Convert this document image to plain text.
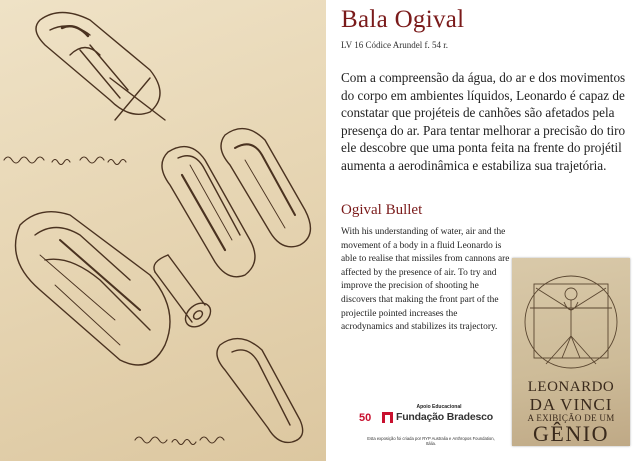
Bala Ogival

LV 16 Códice Arundel f. 54 r.

Com a compreensão da água, do ar e dos movimentos do corpo em ambientes líquidos, Leonardo é capaz de constatar que projéteis de canhões são afetados pela presença do ar. Para tentar melhorar a precisão do tiro ele descobre que uma ponta feita na frente do projétil aumenta a aerodinâmica e estabiliza sua trajetória.

Ogival Bullet

With his understanding of water, air and the movement of a body in a fluid Leonardo is able to realise that missiles from cannons are affected by the presence of air. To try and improve the precision of shooting he discovers that making the front part of the projectile pointed increases the acrodynamics and stabilizes its trajectory.

LEONARDO

DA VINCI

A EXIBIÇÃO DE UM

GÊNIO

Apoio Educacional

50 Fundação Bradesco

Esta exposição foi criada por RYP Australia e Anthropos Foundation, Itália.
